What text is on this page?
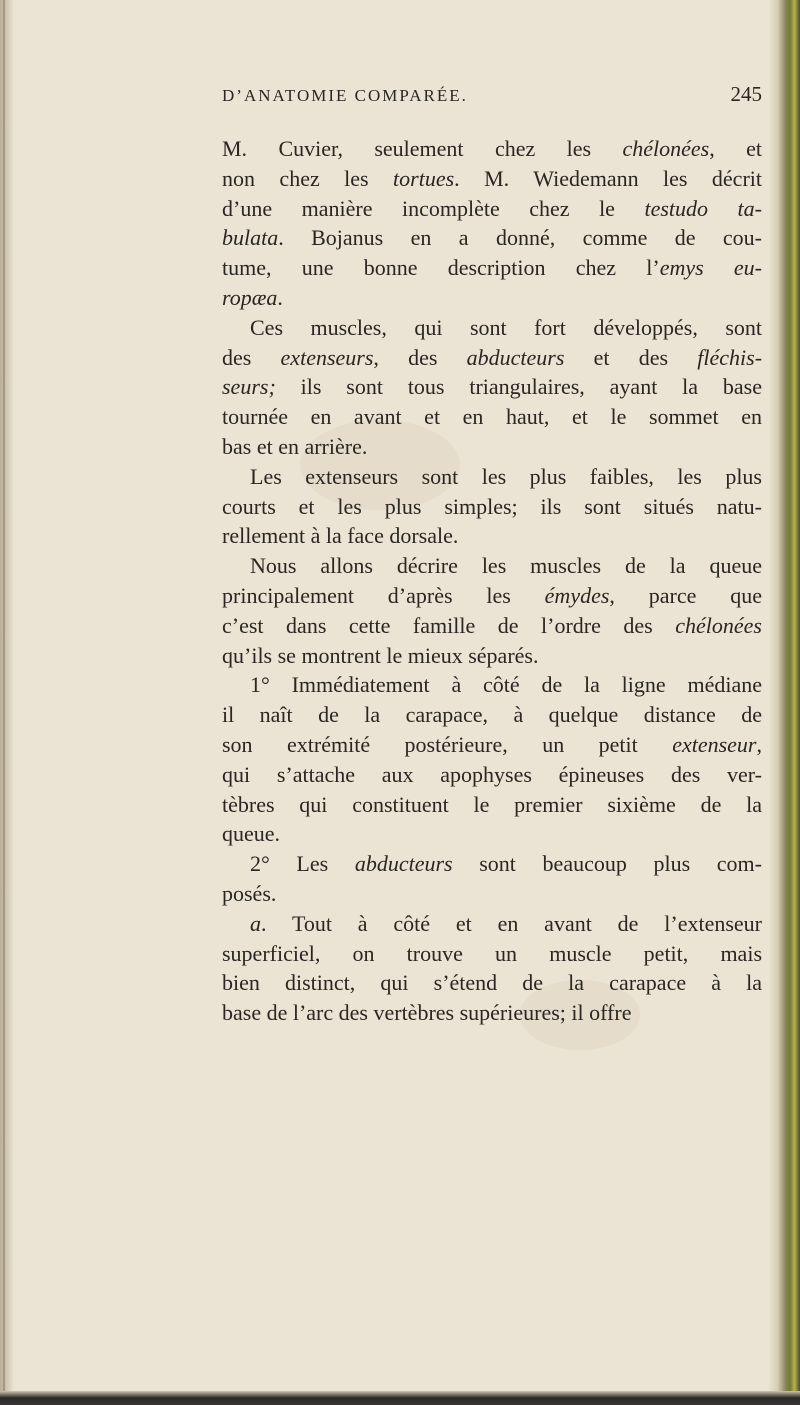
D’ANATOMIE COMPARÉE.	245
M. Cuvier, seulement chez les chélonées, et
non chez les tortues. M. Wiedemann les décrit
d’une manière incomplète chez le testudo ta-
bulata. Bojanus en a donné, comme de cou-
tume, une bonne description chez l’emys eu-
ropæa.
Ces muscles, qui sont fort développés, sont
des extenseurs, des abducteurs et des fléchis-
seurs; ils sont tous triangulaires, ayant la base
tournée en avant et en haut, et le sommet en
bas et en arrière.
Les extenseurs sont les plus faibles, les plus
courts et les plus simples; ils sont situés natu-
rellement à la face dorsale.
Nous allons décrire les muscles de la queue
principalement d’après les émydes, parce que
c’est dans cette famille de l’ordre des chélonées
qu’ils se montrent le mieux séparés.
1° Immédiatement à côté de la ligne médiane
il naît de la carapace, à quelque distance de
son extrémité postérieure, un petit extenseur,
qui s’attache aux apophyses épineuses des ver-
tèbres qui constituent le premier sixième de la
queue.
2° Les abducteurs sont beaucoup plus com-
posés.
a. Tout à côté et en avant de l’extenseur
superficiel, on trouve un muscle petit, mais
bien distinct, qui s’étend de la carapace à la
base de l’arc des vertèbres supérieures; il offre
